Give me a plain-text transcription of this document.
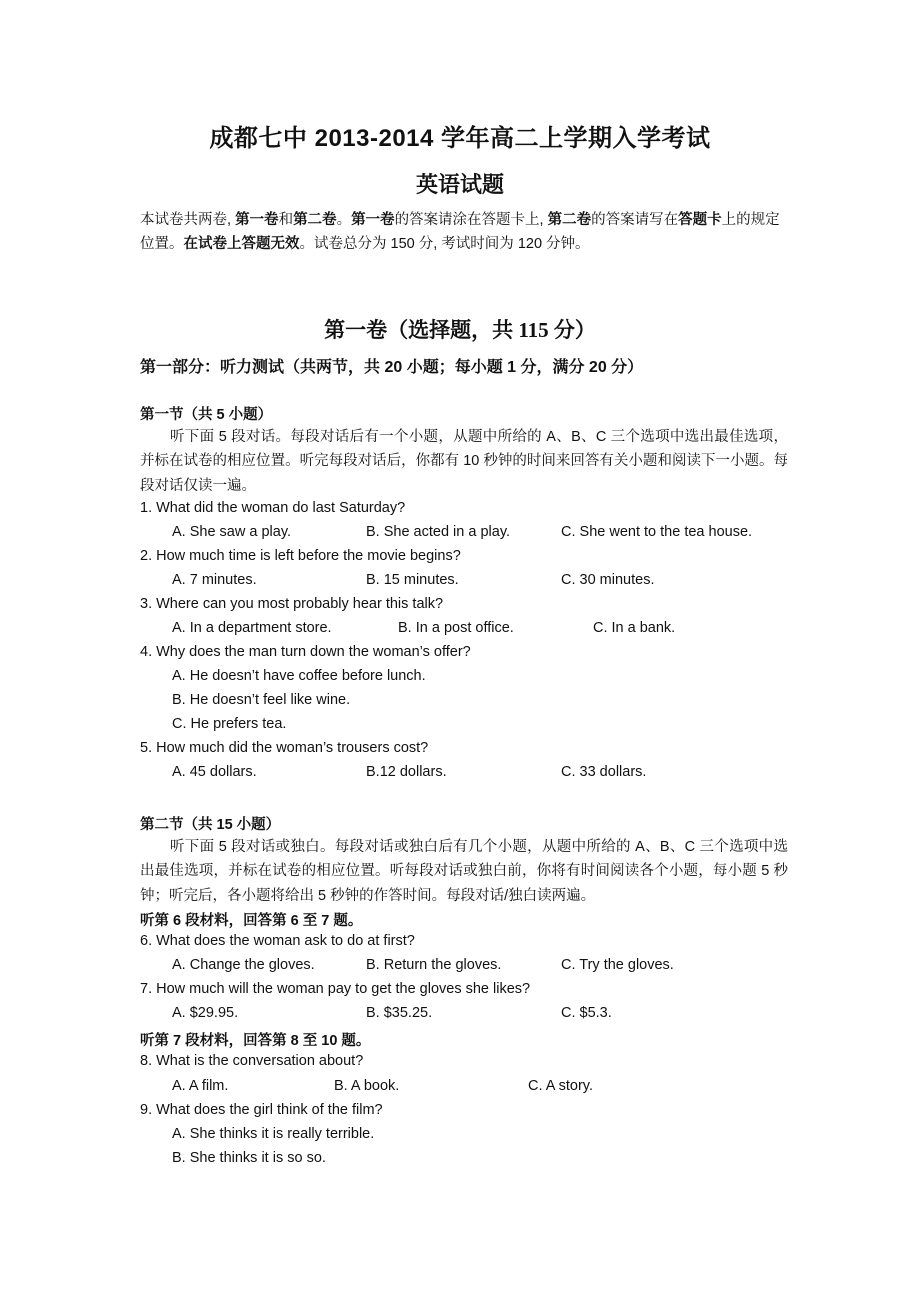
成都七中 2013-2014 学年高二上学期入学考试
英语试题
本试卷共两卷, 第一卷和第二卷。第一卷的答案请涂在答题卡上, 第二卷的答案请写在答题卡上的规定位置。在试卷上答题无效。试卷总分为 150 分, 考试时间为 120 分钟。
第一卷（选择题，共 115 分）
第一部分：听力测试（共两节，共 20 小题；每小题 1 分，满分 20 分）
第一节（共 5 小题）
听下面 5 段对话。每段对话后有一个小题，从题中所给的 A、B、C 三个选项中选出最佳选项，并标在试卷的相应位置。听完每段对话后，你都有 10 秒钟的时间来回答有关小题和阅读下一小题。每段对话仅读一遍。
1. What did the woman do last Saturday?
A. She saw a play.	B. She acted in a play.	C. She went to the tea house.
2. How much time is left before the movie begins?
A. 7 minutes.	B. 15 minutes.	C. 30 minutes.
3. Where can you most probably hear this talk?
A. In a department store.	B. In a post office.	C. In a bank.
4. Why does the man turn down the woman’s offer?
A. He doesn’t have coffee before lunch.
B. He doesn’t feel like wine.
C. He prefers tea.
5. How much did the woman’s trousers cost?
A. 45 dollars.	B.12 dollars.	C. 33 dollars.
第二节（共 15 小题）
听下面 5 段对话或独白。每段对话或独白后有几个小题，从题中所给的 A、B、C 三个选项中选出最佳选项，并标在试卷的相应位置。听每段对话或独白前，你将有时间阅读各个小题，每小题 5 秒钟；听完后，各小题将给出 5 秒钟的作答时间。每段对话/独白读两遍。
听第 6 段材料，回答第 6 至 7 题。
6. What does the woman ask to do at first?
A. Change the gloves.	B. Return the gloves.	C. Try the gloves.
7. How much will the woman pay to get the gloves she likes?
A. $29.95.	B. $35.25.	C. $5.3.
听第 7 段材料，回答第 8 至 10 题。
8. What is the conversation about?
A. A film.	B. A book.	C. A story.
9. What does the girl think of the film?
A. She thinks it is really terrible.
B. She thinks it is so so.
